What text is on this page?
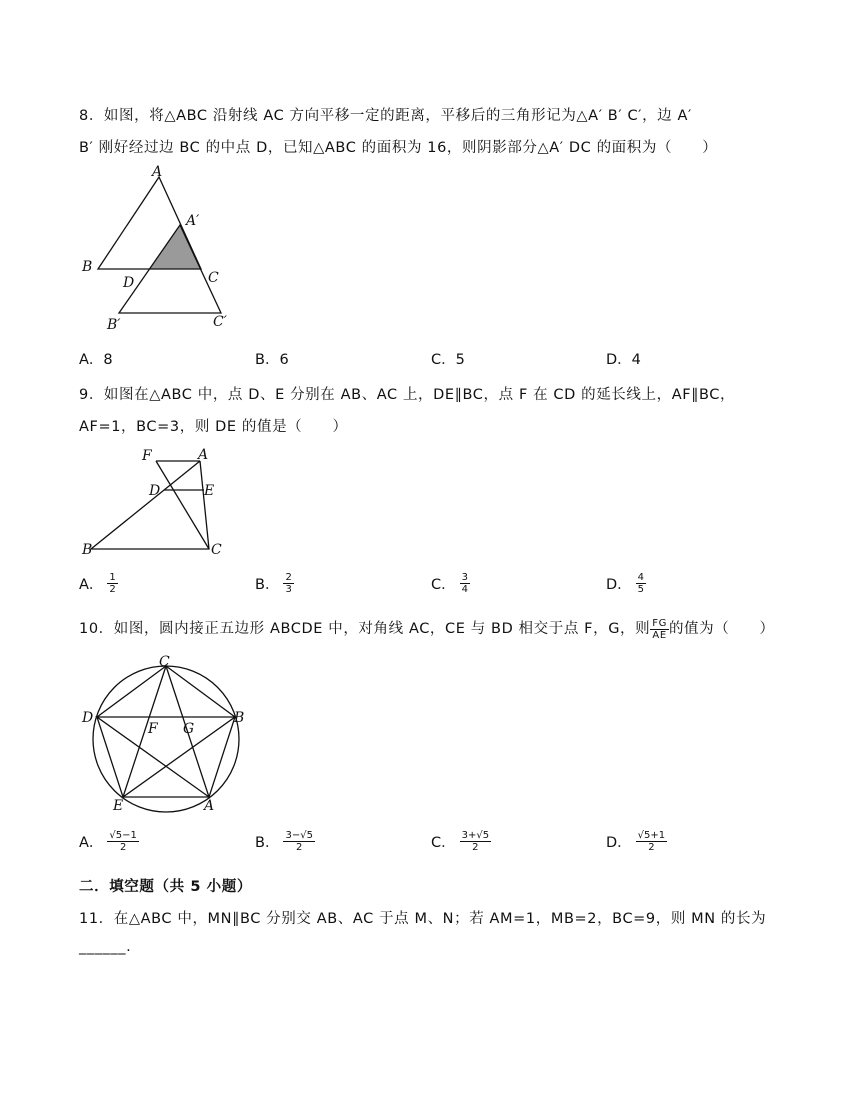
8．如图，将△ABC 沿射线 AC 方向平移一定的距离，平移后的三角形记为△A′ B′ C′，边 A′
B′ 刚好经过边 BC 的中点 D，已知△ABC 的面积为 16，则阴影部分△A′ DC 的面积为（　　）
A
A′
B
C
D
B′	C′
A．8	B．6	C．5	D．4
9．如图在△ABC 中，点 D、E 分别在 AB、AC 上，DE∥BC，点 F 在 CD 的延长线上，AF∥BC，
AF=1，BC=3，则 DE 的值是（　　）
F	A
D	E
B	C
A． $\frac{1}{2}$	B． $\frac{2}{3}$	C． $\frac{3}{4}$	D． $\frac{4}{5}$
10．如图，圆内接正五边形 ABCDE 中，对角线 AC，CE 与 BD 相交于点 F，G，则 $\frac{FG}{AE}$ 的值为（　　）
C
D	B
F G
E	A
A． $\frac{√5-1}{2}$	B． $\frac{3-√5}{2}$	C． $\frac{3+√5}{2}$	D． $\frac{√5+1}{2}$
二．填空题（共 5 小题）
11．在△ABC 中，MN∥BC 分别交 AB、AC 于点 M、N；若 AM=1，MB=2，BC=9，则 MN 的长为
______.
